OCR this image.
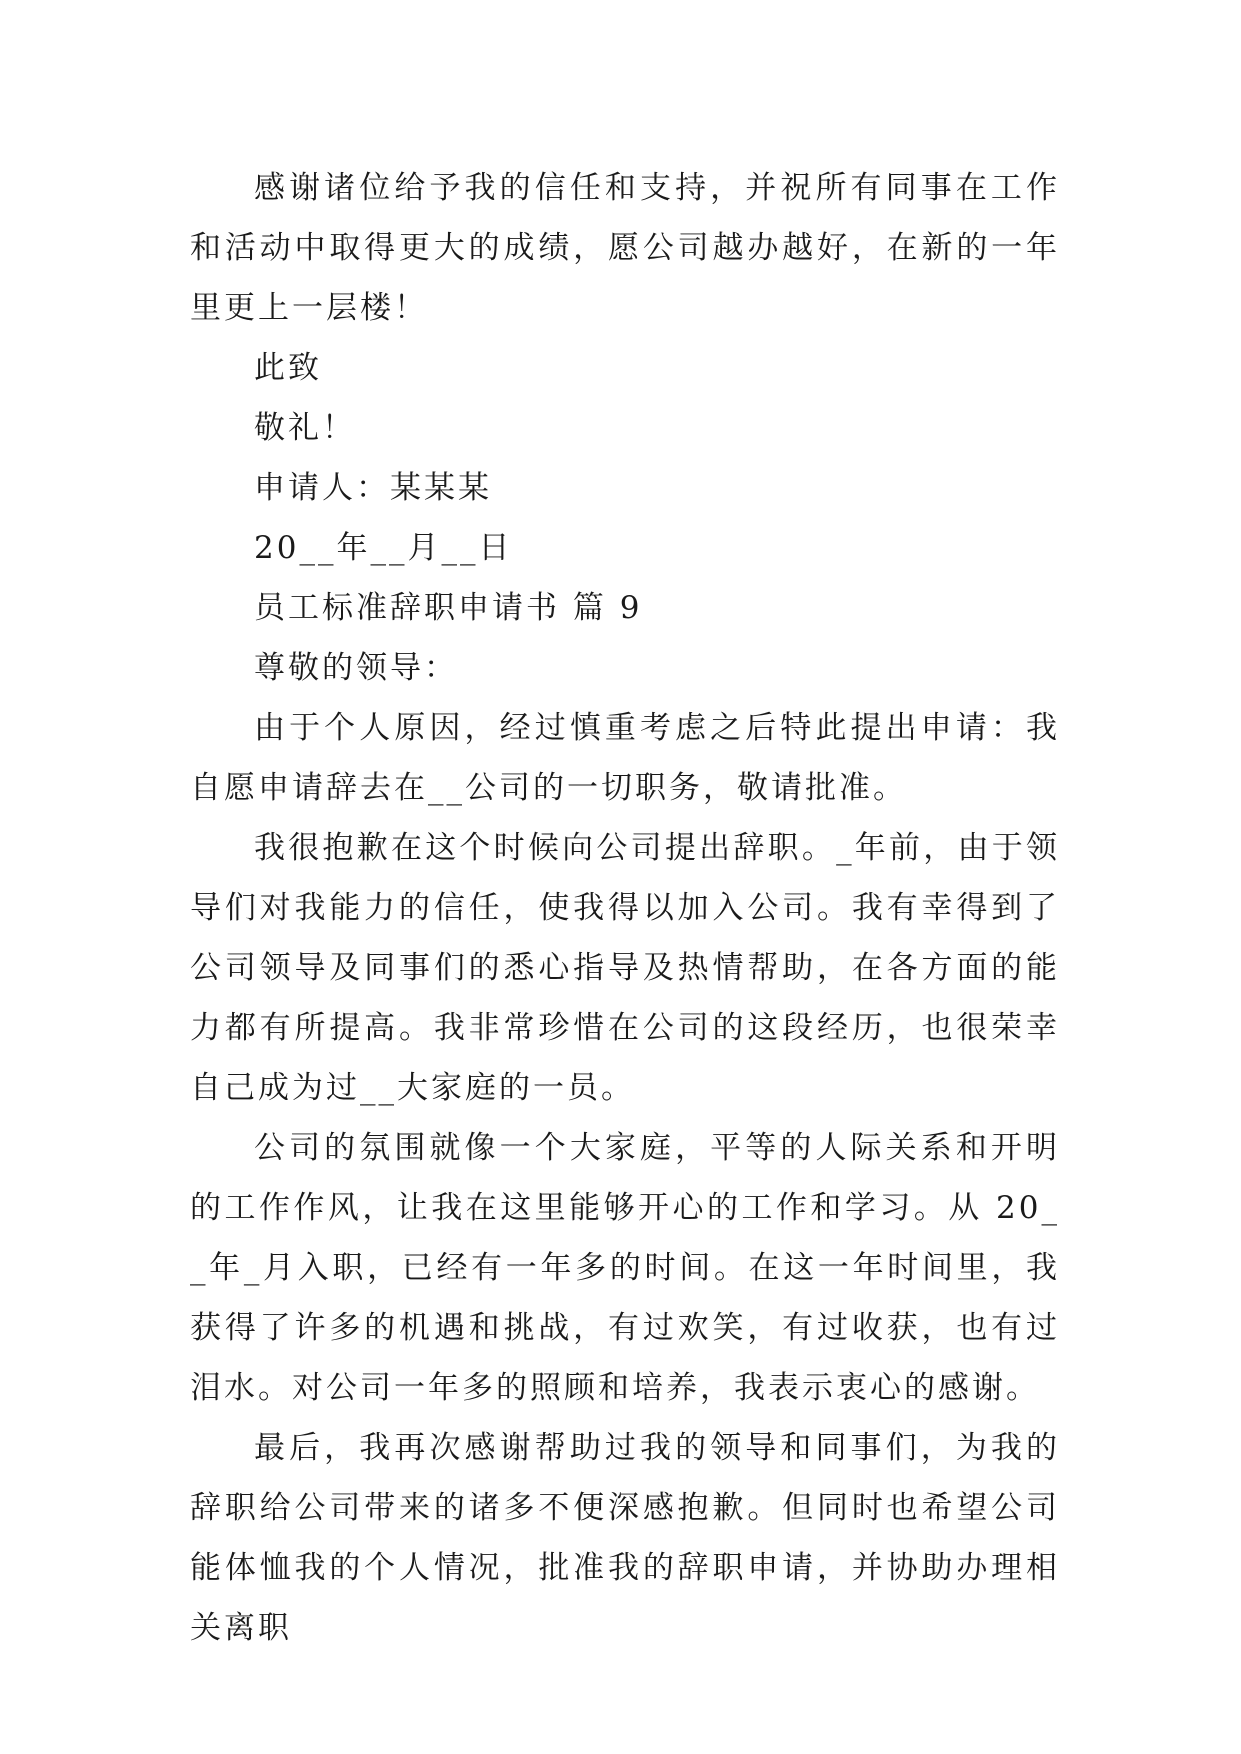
感谢诸位给予我的信任和支持，并祝所有同事在工作和活动中取得更大的成绩，愿公司越办越好，在新的一年里更上一层楼！

此致

敬礼！

申请人：某某某

20__年__月__日

员工标准辞职申请书 篇 9

尊敬的领导：

由于个人原因，经过慎重考虑之后特此提出申请：我自愿申请辞去在__公司的一切职务，敬请批准。

我很抱歉在这个时候向公司提出辞职。_年前，由于领导们对我能力的信任，使我得以加入公司。我有幸得到了公司领导及同事们的悉心指导及热情帮助，在各方面的能力都有所提高。我非常珍惜在公司的这段经历，也很荣幸自己成为过__大家庭的一员。

公司的氛围就像一个大家庭，平等的人际关系和开明的工作作风，让我在这里能够开心的工作和学习。从 20__年_月入职，已经有一年多的时间。在这一年时间里，我获得了许多的机遇和挑战，有过欢笑，有过收获，也有过泪水。对公司一年多的照顾和培养，我表示衷心的感谢。

最后，我再次感谢帮助过我的领导和同事们，为我的辞职给公司带来的诸多不便深感抱歉。但同时也希望公司能体恤我的个人情况，批准我的辞职申请，并协助办理相关离职
